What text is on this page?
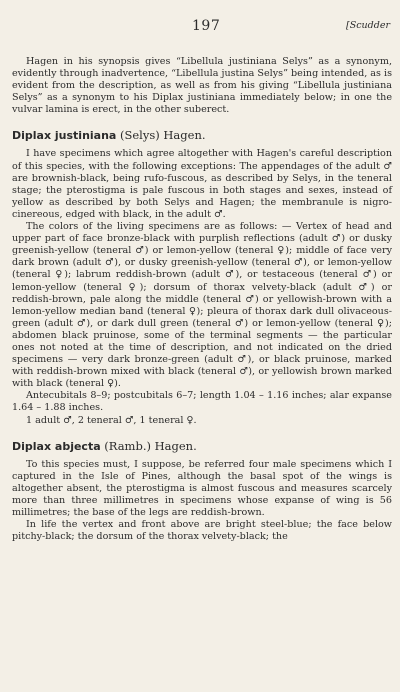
197	[Scudder

Hagen in his synopsis gives “Libellula justiniana Selys” as a synonym, evidently through inadvertence, “Libellula justina Selys” being intended, as is evident from the description, as well as from his giving “Libellula justiniana Selys” as a synonym to his Diplax justiniana immediately below; in one the vulvar lamina is erect, in the other suberect.

Diplax justiniana (Selys) Hagen.

I have specimens which agree altogether with Hagen's careful description of this species, with the following exceptions: The appendages of the adult ♂ are brownish-black, being rufo-fuscous, as described by Selys, in the teneral stage; the pterostigma is pale fuscous in both stages and sexes, instead of yellow as described by both Selys and Hagen; the membranule is nigro-cinereous, edged with black, in the adult ♂.

The colors of the living specimens are as follows: — Vertex of head and upper part of face bronze-black with purplish reflections (adult ♂) or dusky greenish-yellow (teneral ♂) or lemon-yellow (teneral ♀); middle of face very dark brown (adult ♂), or dusky greenish-yellow (teneral ♂), or lemon-yellow (teneral ♀); labrum reddish-brown (adult ♂), or testaceous (teneral ♂) or lemon-yellow (teneral ♀); dorsum of thorax velvety-black (adult ♂) or reddish-brown, pale along the middle (teneral ♂) or yellowish-brown with a lemon-yellow median band (teneral ♀); pleura of thorax dark dull olivaceous-green (adult ♂), or dark dull green (teneral ♂) or lemon-yellow (teneral ♀); abdomen black pruinose, some of the terminal segments — the particular ones not noted at the time of description, and not indicated on the dried specimens — very dark bronze-green (adult ♂), or black pruinose, marked with reddish-brown mixed with black (teneral ♂), or yellowish brown marked with black (teneral ♀).

Antecubitals 8–9; postcubitals 6–7; length 1.04 – 1.16 inches; alar expanse 1.64 – 1.88 inches.

1 adult ♂, 2 teneral ♂, 1 teneral ♀.

Diplax abjecta (Ramb.) Hagen.

To this species must, I suppose, be referred four male specimens which I captured in the Isle of Pines, although the basal spot of the wings is altogether absent, the pterostigma is almost fuscous and measures scarcely more than three millimetres in specimens whose expanse of wing is 56 millimetres; the base of the legs are reddish-brown.

In life the vertex and front above are bright steel-blue; the face below pitchy-black; the dorsum of the thorax velvety-black; the
